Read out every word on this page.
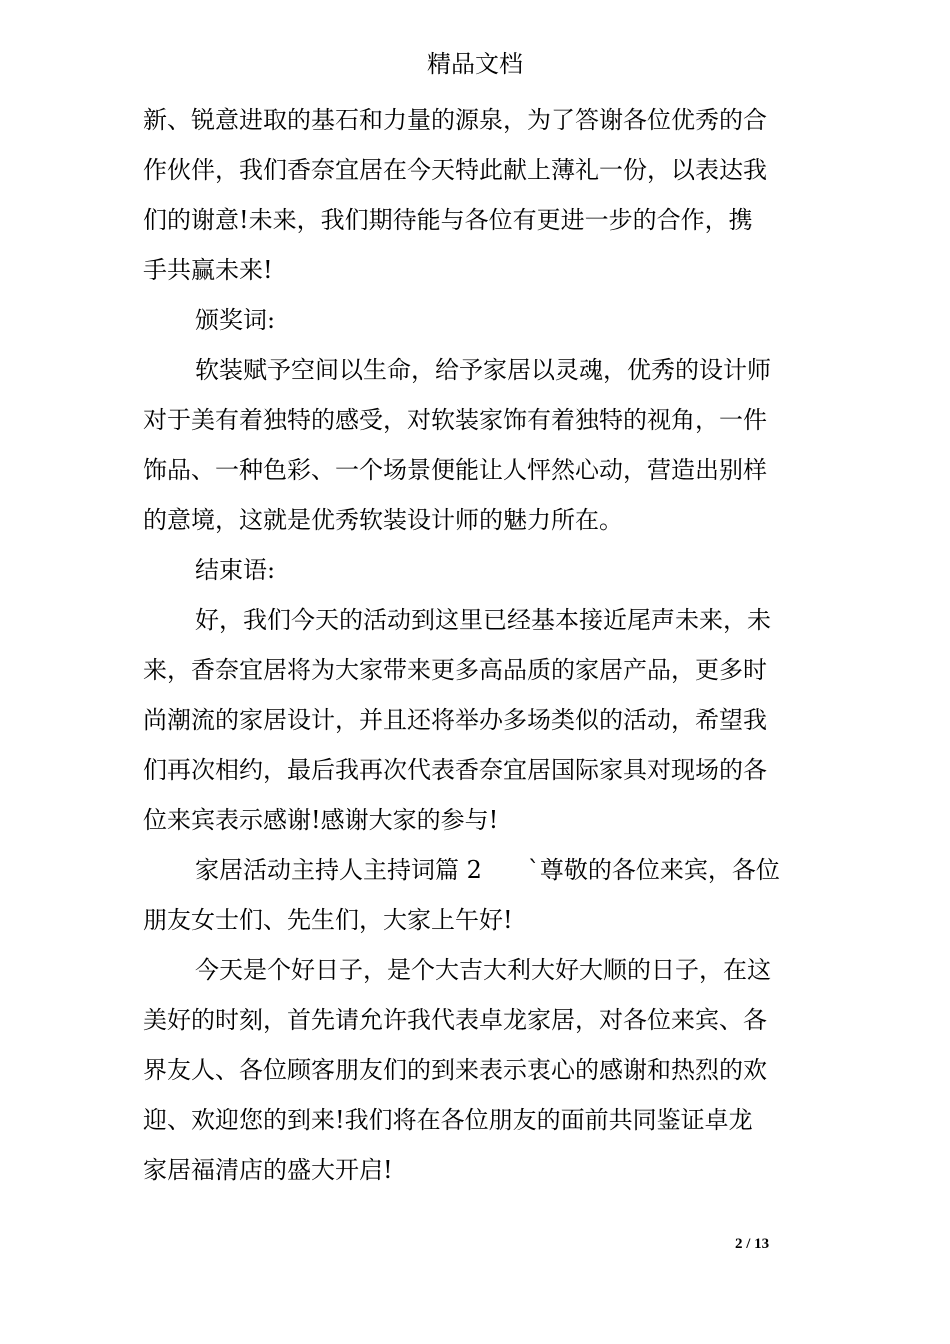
精品文档
新、锐意进取的基石和力量的源泉，为了答谢各位优秀的合
作伙伴，我们香奈宜居在今天特此献上薄礼一份，以表达我
们的谢意!未来，我们期待能与各位有更进一步的合作，携
手共赢未来!
颁奖词:
软装赋予空间以生命，给予家居以灵魂，优秀的设计师
对于美有着独特的感受，对软装家饰有着独特的视角，一件
饰品、一种色彩、一个场景便能让人怦然心动，营造出别样
的意境，这就是优秀软装设计师的魅力所在。
结束语:
好，我们今天的活动到这里已经基本接近尾声未来，未
来，香奈宜居将为大家带来更多高品质的家居产品，更多时
尚潮流的家居设计，并且还将举办多场类似的活动，希望我
们再次相约，最后我再次代表香奈宜居国际家具对现场的各
位来宾表示感谢!感谢大家的参与!
家居活动主持人主持词篇 2 `尊敬的各位来宾，各位
朋友女士们、先生们，大家上午好!
今天是个好日子，是个大吉大利大好大顺的日子，在这
美好的时刻，首先请允许我代表卓龙家居，对各位来宾、各
界友人、各位顾客朋友们的到来表示衷心的感谢和热烈的欢
迎、欢迎您的到来!我们将在各位朋友的面前共同鉴证卓龙
家居福清店的盛大开启!
2 / 13
